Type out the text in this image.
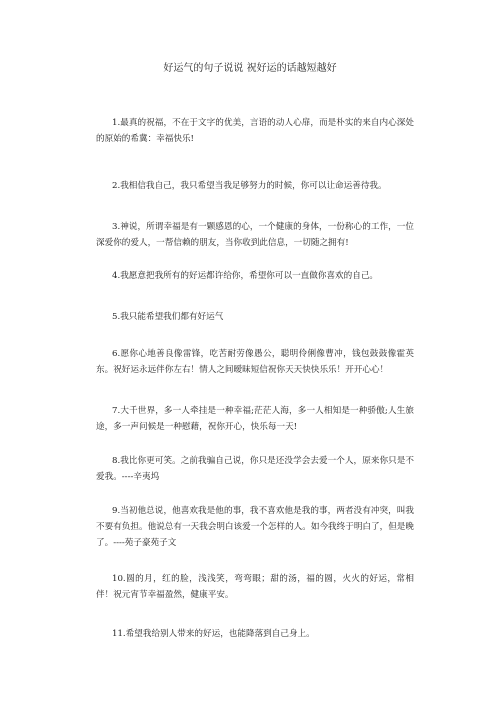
好运气的句子说说 祝好运的话越短越好

1.最真的祝福，不在于文字的优美，言语的动人心扉，而是朴实的来自内心深处的原始的希冀：幸福快乐!

2.我相信我自己，我只希望当我足够努力的时候，你可以让命运善待我。

3.神说，所谓幸福是有一颗感恩的心，一个健康的身体，一份称心的工作，一位深爱你的爱人，一帮信赖的朋友，当你收到此信息，一切随之拥有!

4.我愿意把我所有的好运都许给你，希望你可以一直做你喜欢的自己。

5.我只能希望我们都有好运气

6.愿你心地善良像雷锋，吃苦耐劳像愚公，聪明伶俐像曹冲，钱包鼓鼓像霍英东。祝好运永远伴你左右！情人之间暧昧短信祝你天天快快乐乐！开开心心！

7.大千世界，多一人牵挂是一种幸福;茫茫人海，多一人相知是一种骄傲;人生旅途，多一声问候是一种慰藉，祝你开心，快乐每一天!

8.我比你更可笑。之前我骗自己说，你只是还没学会去爱一个人，原来你只是不爱我。----辛夷坞

9.当初他总说，他喜欢我是他的事，我不喜欢他是我的事，两者没有冲突，叫我不要有负担。他说总有一天我会明白该爱一个怎样的人。如今我终于明白了，但是晚了。----苑子豪苑子文

10.圆的月，红的脸，浅浅笑，弯弯眼；甜的汤，福的圆，火火的好运，常相伴！祝元宵节幸福盈然，健康平安。

11.希望我给别人带来的好运，也能降落到自己身上。
